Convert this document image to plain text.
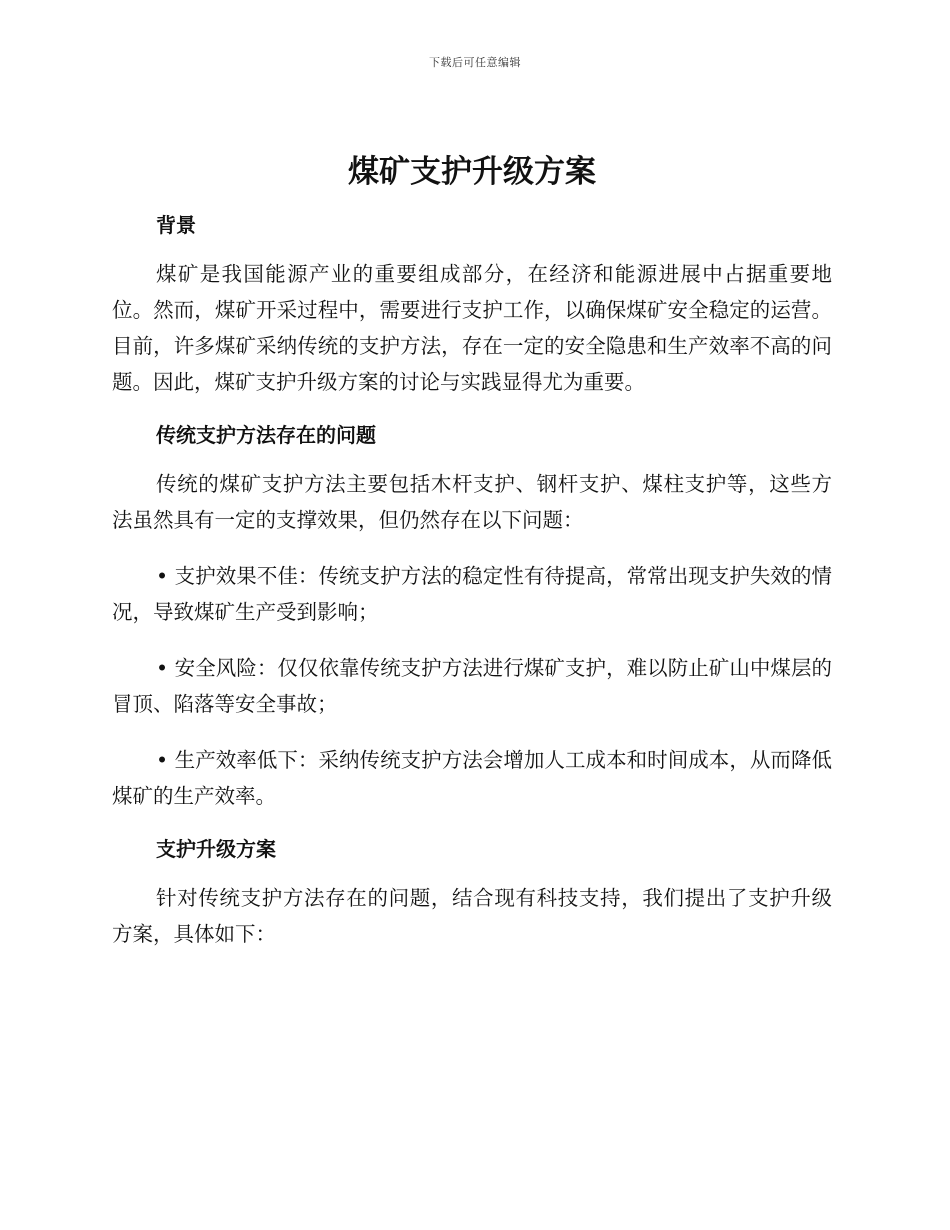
下载后可任意编辑
煤矿支护升级方案
背景

煤矿是我国能源产业的重要组成部分，在经济和能源进展中占据重要地位。然而，煤矿开采过程中，需要进行支护工作，以确保煤矿安全稳定的运营。目前，许多煤矿采纳传统的支护方法，存在一定的安全隐患和生产效率不高的问题。因此，煤矿支护升级方案的讨论与实践显得尤为重要。

传统支护方法存在的问题

传统的煤矿支护方法主要包括木杆支护、钢杆支护、煤柱支护等，这些方法虽然具有一定的支撑效果，但仍然存在以下问题：

• 支护效果不佳：传统支护方法的稳定性有待提高，常常出现支护失效的情况，导致煤矿生产受到影响；

• 安全风险：仅仅依靠传统支护方法进行煤矿支护，难以防止矿山中煤层的冒顶、陷落等安全事故；

• 生产效率低下：采纳传统支护方法会增加人工成本和时间成本，从而降低煤矿的生产效率。

支护升级方案

针对传统支护方法存在的问题，结合现有科技支持，我们提出了支护升级方案，具体如下：
